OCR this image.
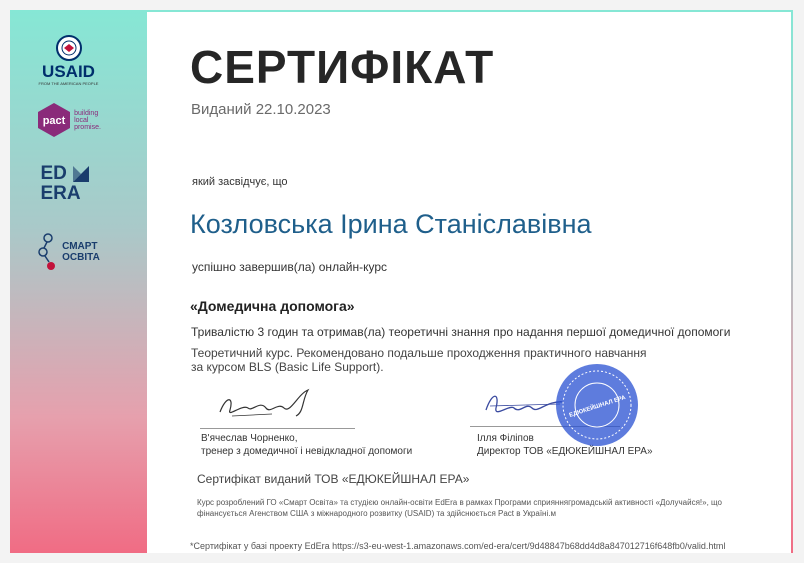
USAID
FROM THE AMERICAN PEOPLE
pact
building
local
promise.
ED
ERA
СМАРТ
ОСВІТА
СЕРТИФІКАТ
Виданий 22.10.2023
який засвідчує, що
Козловська Ірина Станіславівна
успішно завершив(ла) онлайн-курс
«Домедична допомога»
Тривалістю 3 годин та отримав(ла) теоретичні знання про надання першої домедичної допомоги
Теоретичний курс. Рекомендовано подальше проходження практичного навчання
за курсом BLS (Basic Life Support).
В'ячеслав Чорненко,
тренер з домедичної і невідкладної допомоги
Ілля Філіпов
Директор ТОВ «ЕДЮКЕЙШНАЛ ЕРА»
ЕДЮКЕЙШНАЛ ЕРА
Сертифікат виданий ТОВ «ЕДЮКЕЙШНАЛ ЕРА»
Курс розроблений ГО «Смарт Освіта» та студією онлайн-освіти EdEra в рамках Програми сприяннягромадській активності «Долучайся!», що
фінансується Агенством США з міжнародного розвитку (USAID) та здійснюється Pact в Україні.м
*Сертифікат у базі проекту EdEra https://s3-eu-west-1.amazonaws.com/ed-era/cert/9d48847b68dd4d8a847012716f648fb0/valid.html
